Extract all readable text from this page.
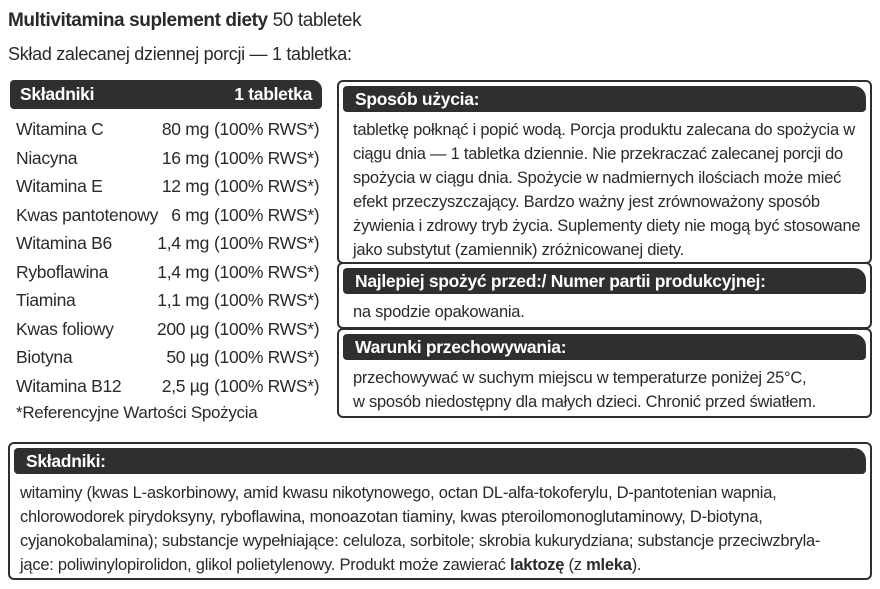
Multivitamina suplement diety 50 tabletek
Skład zalecanej dziennej porcji — 1 tabletka:
Składniki	1 tabletka
Witamina C	80 mg (100% RWS*)
Niacyna	16 mg (100% RWS*)
Witamina E	12 mg (100% RWS*)
Kwas pantotenowy 6 mg (100% RWS*)
Witamina B6	1,4 mg (100% RWS*)
Ryboflawina	1,4 mg (100% RWS*)
Tiamina	1,1 mg (100% RWS*)
Kwas foliowy	200 µg (100% RWS*)
Biotyna	50 µg (100% RWS*)
Witamina B12	2,5 µg (100% RWS*)
*Referencyjne Wartości Spożycia
Sposób użycia:
tabletkę połknąć i popić wodą. Porcja produktu zalecana do spożycia w
ciągu dnia — 1 tabletka dziennie. Nie przekraczać zalecanej porcji do
spożycia w ciągu dnia. Spożycie w nadmiernych ilościach może mieć
efekt przeczyszczający. Bardzo ważny jest zrównoważony sposób
żywienia i zdrowy tryb życia. Suplementy diety nie mogą być stosowane
jako substytut (zamiennik) zróżnicowanej diety.
Najlepiej spożyć przed:/ Numer partii produkcyjnej:
na spodzie opakowania.
Warunki przechowywania:
przechowywać w suchym miejscu w temperaturze poniżej 25°C,
w sposób niedostępny dla małych dzieci. Chronić przed światłem.
Składniki:
witaminy (kwas L-askorbinowy, amid kwasu nikotynowego, octan DL-alfa-tokoferylu, D-pantotenian wapnia,
chlorowodorek pirydoksyny, ryboflawina, monoazotan tiaminy, kwas pteroilomonoglutaminowy, D-biotyna,
cyjanokobalamina); substancje wypełniające: celuloza, sorbitole; skrobia kukurydziana; substancje przeciwzbryla-
jące: poliwinylopirolidon, glikol polietylenowy. Produkt może zawierać laktozę (z mleka).
